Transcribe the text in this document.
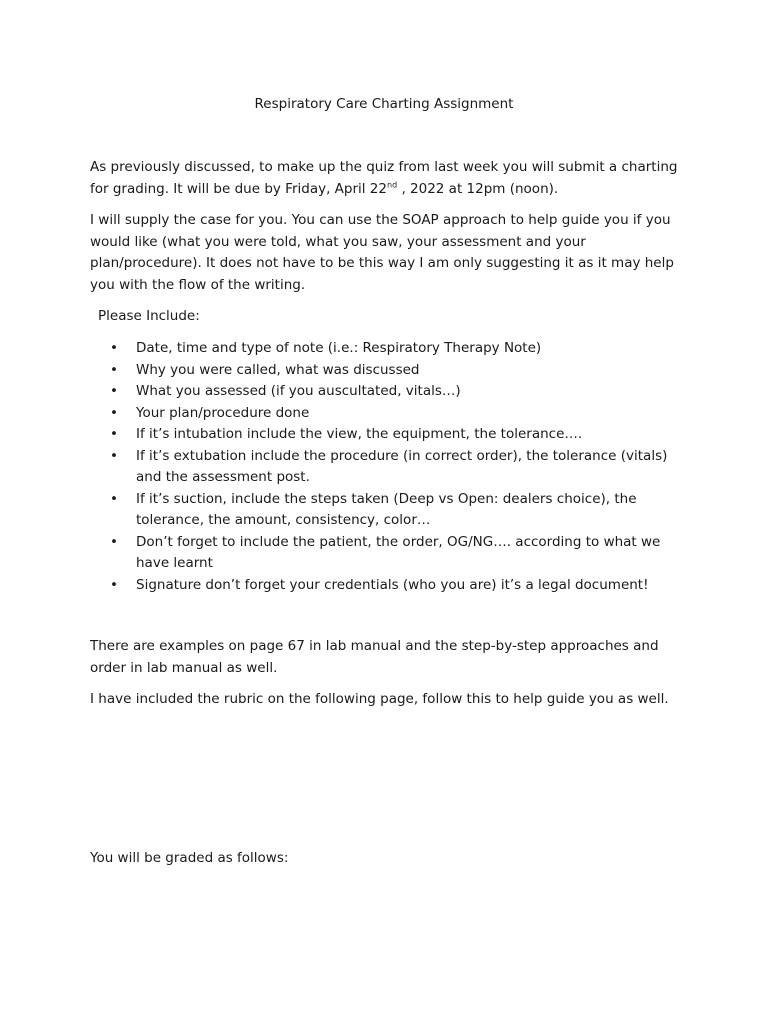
Respiratory Care Charting Assignment
As previously discussed, to make up the quiz from last week you will submit a charting for grading. It will be due by Friday, April 22nd , 2022 at 12pm (noon).
I will supply the case for you. You can use the SOAP approach to help guide you if you would like (what you were told, what you saw, your assessment and your plan/procedure). It does not have to be this way I am only suggesting it as it may help you with the flow of the writing.
Please Include:
• Date, time and type of note (i.e.: Respiratory Therapy Note)
• Why you were called, what was discussed
• What you assessed (if you auscultated, vitals…)
• Your plan/procedure done
• If it’s intubation include the view, the equipment, the tolerance….
• If it’s extubation include the procedure (in correct order), the tolerance (vitals) and the assessment post.
• If it’s suction, include the steps taken (Deep vs Open: dealers choice), the tolerance, the amount, consistency, color…
• Don’t forget to include the patient, the order, OG/NG…. according to what we have learnt
• Signature don’t forget your credentials (who you are) it’s a legal document!
There are examples on page 67 in lab manual and the step-by-step approaches and order in lab manual as well.
I have included the rubric on the following page, follow this to help guide you as well.
You will be graded as follows:
